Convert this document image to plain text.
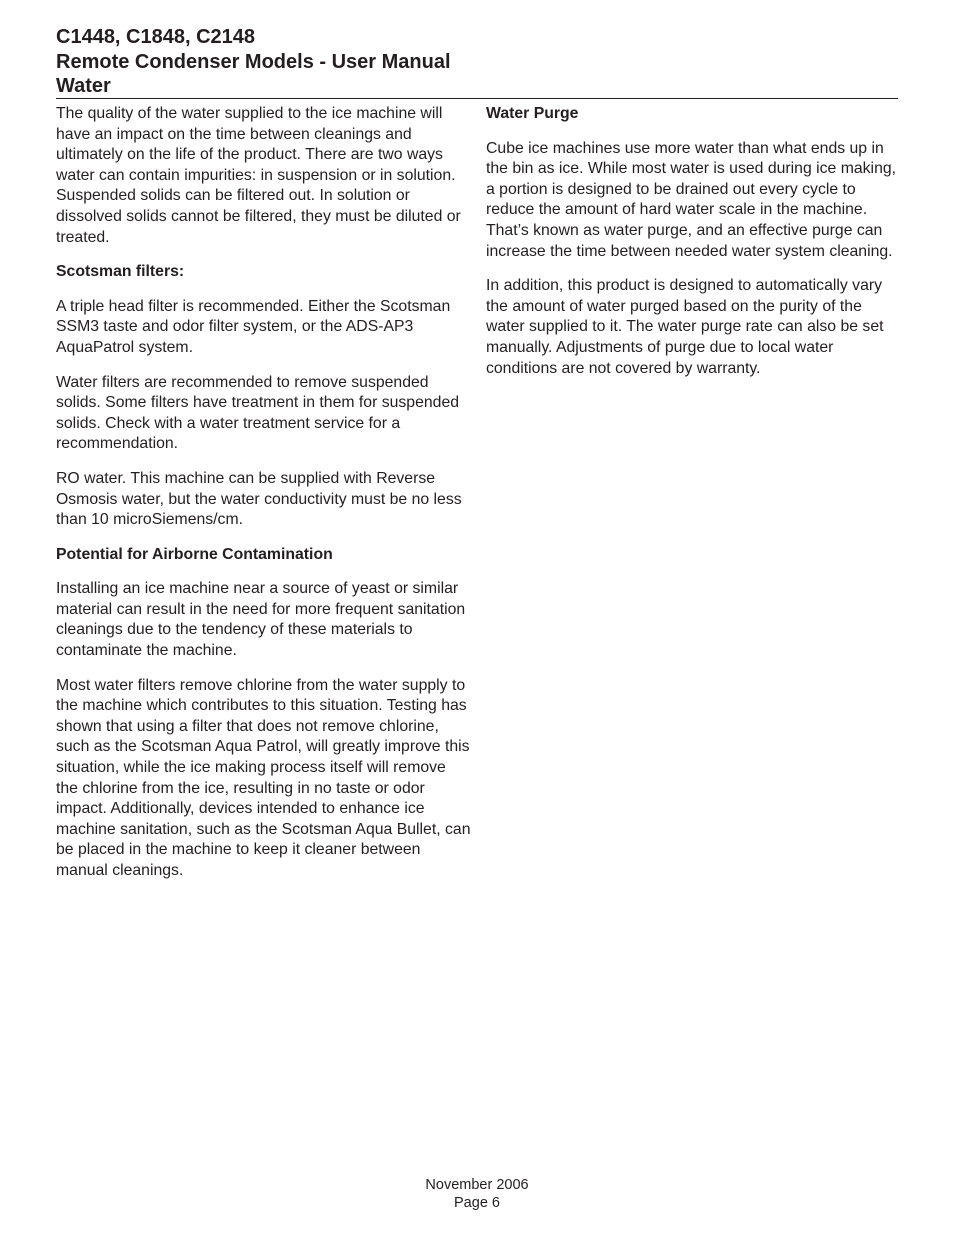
C1448, C1848, C2148
Remote Condenser Models - User Manual
Water

The quality of the water supplied to the ice machine will have an impact on the time between cleanings and ultimately on the life of the product. There are two ways water can contain impurities: in suspension or in solution. Suspended solids can be filtered out. In solution or dissolved solids cannot be filtered, they must be diluted or treated.

Scotsman filters:

A triple head filter is recommended. Either the Scotsman SSM3 taste and odor filter system, or the ADS-AP3 AquaPatrol system.

Water filters are recommended to remove suspended solids. Some filters have treatment in them for suspended solids. Check with a water treatment service for a recommendation.

RO water. This machine can be supplied with Reverse Osmosis water, but the water conductivity must be no less than 10 microSiemens/cm.

Potential for Airborne Contamination

Installing an ice machine near a source of yeast or similar material can result in the need for more frequent sanitation cleanings due to the tendency of these materials to contaminate the machine.

Most water filters remove chlorine from the water supply to the machine which contributes to this situation. Testing has shown that using a filter that does not remove chlorine, such as the Scotsman Aqua Patrol, will greatly improve this situation, while the ice making process itself will remove the chlorine from the ice, resulting in no taste or odor impact. Additionally, devices intended to enhance ice machine sanitation, such as the Scotsman Aqua Bullet, can be placed in the machine to keep it cleaner between manual cleanings.

Water Purge

Cube ice machines use more water than what ends up in the bin as ice. While most water is used during ice making, a portion is designed to be drained out every cycle to reduce the amount of hard water scale in the machine. That’s known as water purge, and an effective purge can increase the time between needed water system cleaning.

In addition, this product is designed to automatically vary the amount of water purged based on the purity of the water supplied to it. The water purge rate can also be set manually. Adjustments of purge due to local water conditions are not covered by warranty.

November 2006
Page 6
